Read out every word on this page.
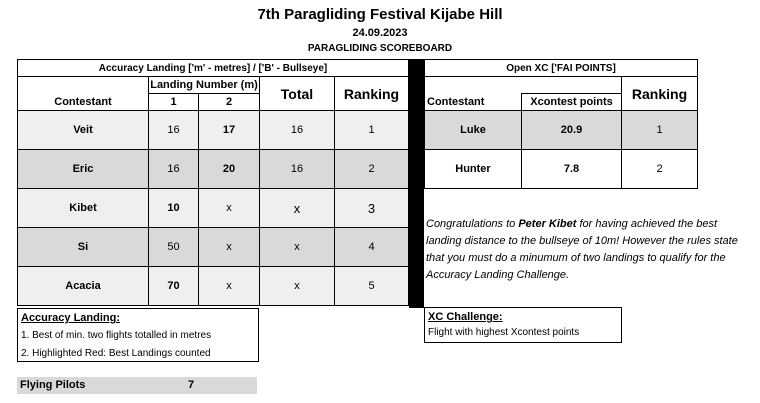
7th Paragliding Festival Kijabe Hill
24.09.2023
PARAGLIDING SCOREBOARD
Accuracy Landing ['m' - metres] / ['B' - Bullseye]				
	Landing Number (m)		Total	Ranking
Contestant	1	2		
Veit	16	17	16	1
Eric	16	20	16	2
Kibet	10	x	x	3
Si	50	x	x	4
Acacia	70	x	x	5
Open XC ['FAI POINTS]		
		Ranking
Contestant	Xcontest points	
Luke	20.9	1
Hunter	7.8	2
Congratulations to Peter Kibet for having achieved the best landing distance to the bullseye of 10m! However the rules state that you must do a minumum of two landings to qualify for the Accuracy Landing Challenge.
Accuracy Landing:
1. Best of min. two flights totalled in metres
2. Highlighted Red: Best Landings counted
XC Challenge:
Flight with highest Xcontest points
Flying Pilots	7
